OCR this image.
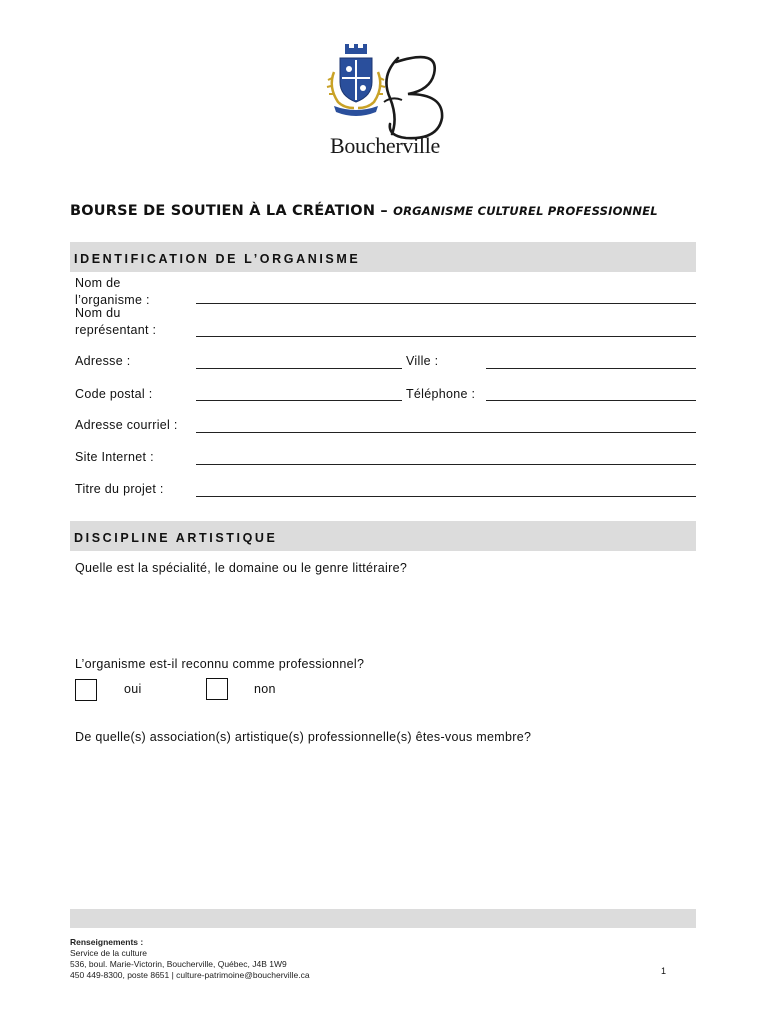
Boucherville
BOURSE DE SOUTIEN À LA CRÉATION – ORGANISME CULTUREL PROFESSIONNEL
IDENTIFICATION DE L’ORGANISME
Nom de
l’organisme :
Nom du
représentant :
Adresse :	Ville :
Code postal :	Téléphone :
Adresse courriel :
Site Internet :
Titre du projet :
DISCIPLINE ARTISTIQUE
Quelle est la spécialité, le domaine ou le genre littéraire?
L’organisme est-il reconnu comme professionnel?
oui	non
De quelle(s) association(s) artistique(s) professionnelle(s) êtes-vous membre?
Renseignements :
Service de la culture
536, boul. Marie-Victorin, Boucherville, Québec, J4B 1W9
450 449-8300, poste 8651 | culture-patrimoine@boucherville.ca	1
